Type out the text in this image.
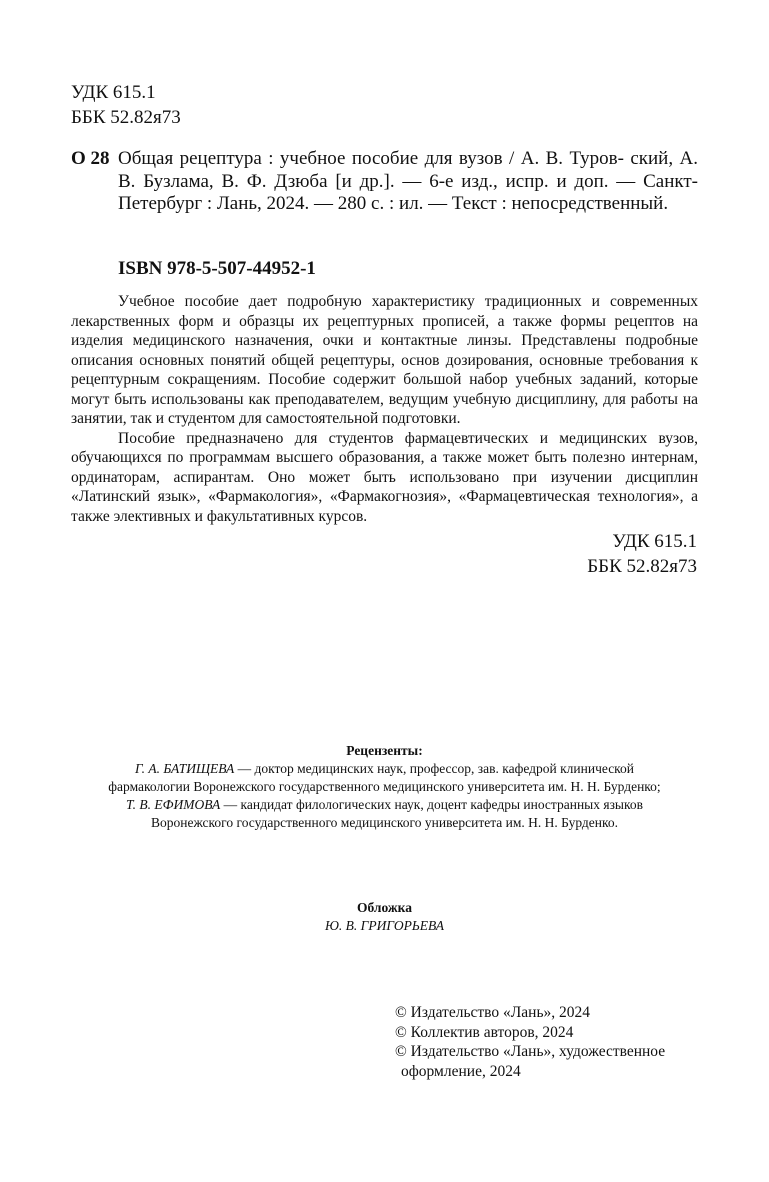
УДК 615.1
ББК 52.82я73
О 28 Общая рецептура : учебное пособие для вузов / А. В. Туров- ский, А. В. Бузлама, В. Ф. Дзюба [и др.]. — 6-е изд., испр. и доп. — Санкт-Петербург : Лань, 2024. — 280 с. : ил. — Текст : непосредственный.
ISBN 978-5-507-44952-1

Учебное пособие дает подробную характеристику традиционных и современных лекарственных форм и образцы их рецептурных прописей, а также формы рецептов на изделия медицинского назначения, очки и контактные линзы. Представлены подробные описания основных понятий общей рецептуры, основ дозирования, основные требования к рецептурным сокращениям. Пособие содержит большой набор учебных заданий, которые могут быть использованы как преподавателем, ведущим учебную дисциплину, для работы на занятии, так и студентом для самостоятельной подготовки.

Пособие предназначено для студентов фармацевтических и медицинских вузов, обучающихся по программам высшего образования, а также может быть полезно интернам, ординаторам, аспирантам. Оно может быть использовано при изучении дисциплин «Латинский язык», «Фармакология», «Фармакогнозия», «Фармацевтическая технология», а также элективных и факультативных курсов.

УДК 615.1
ББК 52.82я73
Рецензенты:
Г. А. БАТИЩЕВА — доктор медицинских наук, профессор, зав. кафедрой клинической
фармакологии Воронежского государственного медицинского университета им. Н. Н. Бурденко;
Т. В. ЕФИМОВА — кандидат филологических наук, доцент кафедры иностранных языков
Воронежского государственного медицинского университета им. Н. Н. Бурденко.
Обложка
Ю. В. ГРИГОРЬЕВА
© Издательство «Лань», 2024
© Коллектив авторов, 2024
© Издательство «Лань», художественное
оформление, 2024
